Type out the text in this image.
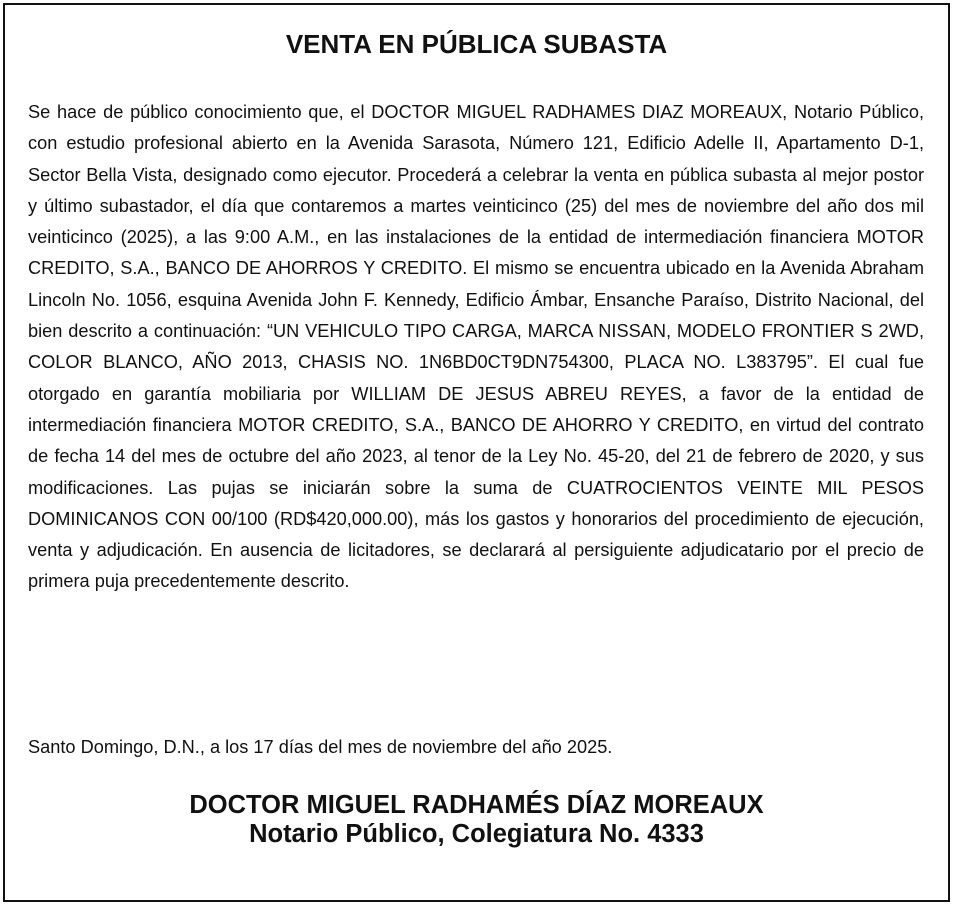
VENTA EN PÚBLICA SUBASTA

Se hace de público conocimiento que, el DOCTOR MIGUEL RADHAMES DIAZ MOREAUX, Notario Público, con estudio profesional abierto en la Avenida Sarasota, Número 121, Edificio Adelle II, Apartamento D-1, Sector Bella Vista, designado como ejecutor. Procederá a celebrar la venta en pública subasta al mejor postor y último subastador, el día que contaremos a martes veinticinco (25) del mes de noviembre del año dos mil veinticinco (2025), a las 9:00 A.M., en las instalaciones de la entidad de intermediación financiera MOTOR CREDITO, S.A., BANCO DE AHORROS Y CREDITO. El mismo se encuentra ubicado en la Avenida Abraham Lincoln No. 1056, esquina Avenida John F. Kennedy, Edificio Ámbar, Ensanche Paraíso, Distrito Nacional, del bien descrito a continuación: “UN VEHICULO TIPO CARGA, MARCA NISSAN, MODELO FRONTIER S 2WD, COLOR BLANCO, AÑO 2013, CHASIS NO. 1N6BD0CT9DN754300, PLACA NO. L383795”. El cual fue otorgado en garantía mobiliaria por WILLIAM DE JESUS ABREU REYES, a favor de la entidad de intermediación financiera MOTOR CREDITO, S.A., BANCO DE AHORRO Y CREDITO, en virtud del contrato de fecha 14 del mes de octubre del año 2023, al tenor de la Ley No. 45-20, del 21 de febrero de 2020, y sus modificaciones. Las pujas se iniciarán sobre la suma de CUATROCIENTOS VEINTE MIL PESOS DOMINICANOS CON 00/100 (RD$420,000.00), más los gastos y honorarios del procedimiento de ejecución, venta y adjudicación. En ausencia de licitadores, se declarará al persiguiente adjudicatario por el precio de primera puja precedentemente descrito.

Santo Domingo, D.N., a los 17 días del mes de noviembre del año 2025.

DOCTOR MIGUEL RADHAMÉS DÍAZ MOREAUX
Notario Público, Colegiatura No. 4333
